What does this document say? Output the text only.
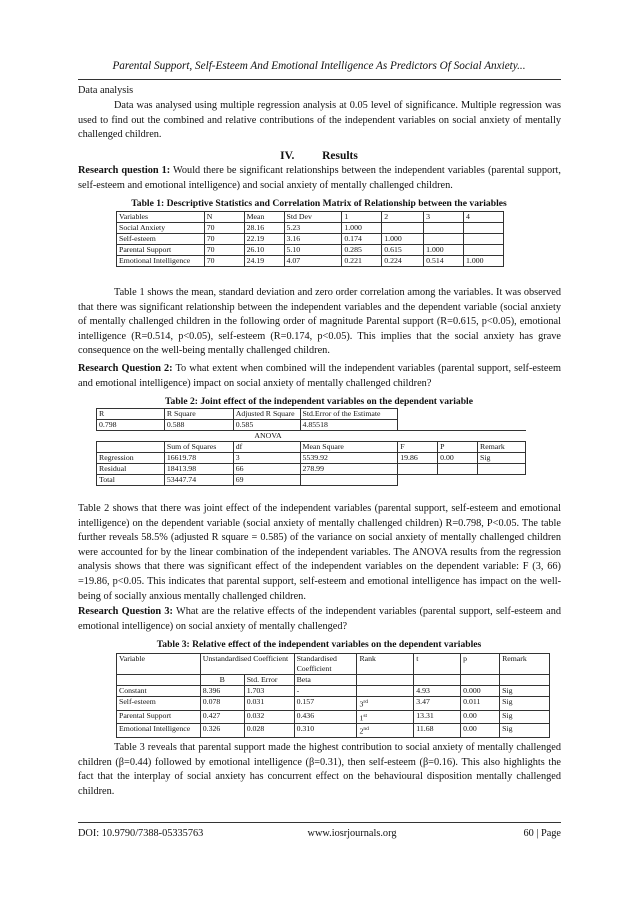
Parental Support, Self-Esteem And Emotional Intelligence As Predictors Of Social Anxiety...
Data analysis
Data was analysed using multiple regression analysis at 0.05 level of significance. Multiple regression was used to find out the combined and relative contributions of the independent variables on social anxiety of mentally challenged children.
IV. Results
Research question 1: Would there be significant relationships between the independent variables (parental support, self-esteem and emotional intelligence) and social anxiety of mentally challenged children.
Table 1: Descriptive Statistics and Correlation Matrix of Relationship between the variables
Variables	N	Mean	Std Dev	1	2	3	4
Social Anxiety	70	28.16	5.23	1.000			
Self-esteem	70	22.19	3.16	0.174	1.000		
Parental Support	70	26.10	5.10	0.285	0.615	1.000	
Emotional Intelligence	70	24.19	4.07	0.221	0.224	0.514	1.000
Table 1 shows the mean, standard deviation and zero order correlation among the variables. It was observed that there was significant relationship between the independent variables and the dependent variable (social anxiety of mentally challenged children in the following order of magnitude Parental support (R=0.615, p<0.05), emotional intelligence (R=0.514, p<0.05), self-esteem (R=0.174, p<0.05). This implies that the social anxiety has grave consequence on the well-being mentally challenged children.
Research Question 2: To what extent when combined will the independent variables (parental support, self-esteem and emotional intelligence) impact on social anxiety of mentally challenged children?
Table 2: Joint effect of the independent variables on the dependent variable
R	R Square	Adjusted R Square	Std.Error of the Estimate			
0.798	0.588	0.585	4.85518			
ANOVA						
	Sum of Squares	df	Mean Square	F	P	Remark
Regression	16619.78	3	5539.92	19.86	0.00	Sig
Residual	18413.98	66	278.99			
Total	53447.74	69				
Table 2 shows that there was joint effect of the independent variables (parental support, self-esteem and emotional intelligence) on the dependent variable (social anxiety of mentally challenged children) R=0.798, P<0.05. The table further reveals 58.5% (adjusted R square = 0.585) of the variance on social anxiety of mentally challenged children were accounted for by the linear combination of the independent variables. The ANOVA results from the regression analysis shows that there was significant effect of the independent variables on the dependent variable: F (3, 66) =19.86, p<0.05. This indicates that parental support, self-esteem and emotional intelligence has impact on the well-being of socially anxious mentally challenged children.
Research Question 3: What are the relative effects of the independent variables (parental support, self-esteem and emotional intelligence) on social anxiety of mentally challenged?
Table 3: Relative effect of the independent variables on the dependent variables
Variable	Unstandardised Coefficient		Standardised Coefficient	Rank	t	p	Remark
	B	Std. Error	Beta				
Constant	8.396	1.703	-		4.93	0.000	Sig
Self-esteem	0.078	0.031	0.157	3rd	3.47	0.011	Sig
Parental Support	0.427	0.032	0.436	1st	13.31	0.00	Sig
Emotional Intelligence	0.326	0.028	0.310	2nd	11.68	0.00	Sig
Table 3 reveals that parental support made the highest contribution to social anxiety of mentally challenged children (β=0.44) followed by emotional intelligence (β=0.31), then self-esteem (β=0.16). This also highlights the fact that the interplay of social anxiety has concurrent effect on the behavioural disposition mentally challenged children.
DOI: 10.9790/7388-05335763	www.iosrjournals.org	60 | Page
